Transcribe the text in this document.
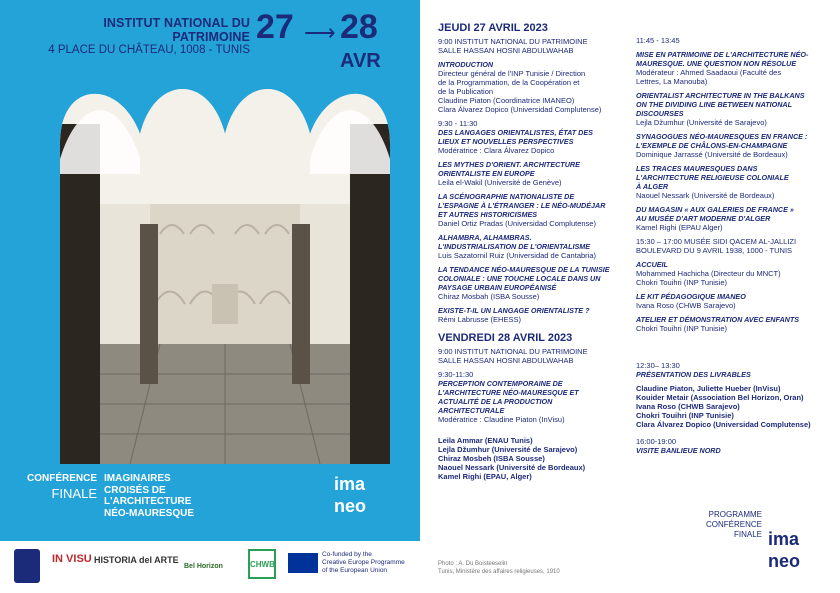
INSTITUT NATIONAL DU PATRIMOINE
4 PLACE DU CHÂTEAU, 1008 - TUNIS
27 ⟶ 28
AVR
CONFÉRENCE
FINALE
IMAGINAIRES
CROISÉS DE
L'ARCHITECTURE
NÉO-MAURESQUE
ima
neo
IN VISU HISTORIA del ARTE
Bel Horizon	CHWB
Co-funded by the
Creative Europe Programme
of the European Union
Photo : A. Du Boisteeselin
Tunis, Ministère des affaires religieuses, 1910
JEUDI 27 AVRIL 2023
9:00 INSTITUT NATIONAL DU PATRIMOINE
SALLE HASSAN HOSNI ABDULWAHAB
INTRODUCTION
Directeur général de l'INP Tunisie / Direction
de la Programmation, de la Coopération et
de la Publication
Claudine Piaton (Coordinatrice IMANEO)
Clara Álvarez Dopico (Universidad Complutense)
9:30 - 11:30
DES LANGAGES ORIENTALISTES, ÉTAT DES
LIEUX ET NOUVELLES PERSPECTIVES
Modératrice : Clara Álvarez Dopico
LES MYTHES D'ORIENT. ARCHITECTURE
ORIENTALISTE EN EUROPE
Leila el-Wakil (Université de Genève)
LA SCÉNOGRAPHIE NATIONALISTE DE
L'ESPAGNE À L'ÉTRANGER : LE NÉO-MUDÉJAR
ET AUTRES HISTORICISMES
Daniel Ortiz Pradas (Universidad Complutense)
ALHAMBRA, ALHAMBRAS.
L'INDUSTRIALISATION DE L'ORIENTALISME
Luis Sazatornil Ruiz (Universidad de Cantabria)
LA TENDANCE NÉO-MAURESQUE DE LA TUNISIE
COLONIALE : UNE TOUCHE LOCALE DANS UN
PAYSAGE URBAIN EUROPÉANISÉ
Chiraz Mosbah (ISBA Sousse)
EXISTE-T-IL UN LANGAGE ORIENTALISTE ?
Rémi Labrusse (EHESS)
VENDREDI 28 AVRIL 2023
9:00 INSTITUT NATIONAL DU PATRIMOINE
SALLE HASSAN HOSNI ABDULWAHAB
9:30-11:30
PERCEPTION CONTEMPORAINE DE
L'ARCHITECTURE NÉO-MAURESQUE ET
ACTUALITÉ DE LA PRODUCTION
ARCHITECTURALE
Modératrice : Claudine Piaton (InVisu)
Leila Ammar (ENAU Tunis)
Lejla Džumhur (Université de Sarajevo)
Chiraz Mosbeh (ISBA Sousse)
Naouel Nessark (Université de Bordeaux)
Kamel Righi (EPAU, Alger)
11:45 - 13:45
MISE EN PATRIMOINE DE L'ARCHITECTURE NÉO-
MAURESQUE. UNE QUESTION NON RÉSOLUE
Modérateur : Ahmed Saadaoui (Faculté des
Lettres, La Manouba)
ORIENTALIST ARCHITECTURE IN THE BALKANS
ON THE DIVIDING LINE BETWEEN NATIONAL
DISCOURSES
Lejla Džumhur (Université de Sarajevo)
SYNAGOGUES NÉO-MAURESQUES EN FRANCE :
L'EXEMPLE DE CHÂLONS-EN-CHAMPAGNE
Dominique Jarrassé (Université de Bordeaux)
LES TRACES MAURESQUES DANS
L'ARCHITECTURE RELIGIEUSE COLONIALE
À ALGER
Naouel Nessark (Université de Bordeaux)
DU MAGASIN « AUX GALERIES DE FRANCE »
AU MUSÉE D'ART MODERNE D'ALGER
Kamel Righi (EPAU Alger)
15:30 – 17:00 MUSÉE SIDI QACEM AL-JALLIZI
BOULEVARD DU 9 AVRIL 1938, 1000 - TUNIS
ACCUEIL
Mohammed Hachicha (Directeur du MNCT)
Chokri Touihri (INP Tunisie)
LE KIT PÉDAGOGIQUE IMANEO
Ivana Roso (CHWB Sarajevo)
ATELIER ET DÉMONSTRATION AVEC ENFANTS
Chokri Touihri (INP Tunisie)
12:30– 13:30
PRÉSENTATION DES LIVRABLES
Claudine Piaton, Juliette Hueber (InVisu)
Kouider Metair (Association Bel Horizon, Oran)
Ivana Roso (CHWB Sarajevo)
Chokri Touihri (INP Tunisie)
Clara Álvarez Dopico (Universidad Complutense)
16:00-19:00
VISITE BANLIEUE NORD
PROGRAMME
CONFÉRENCE
FINALE ima
neo
